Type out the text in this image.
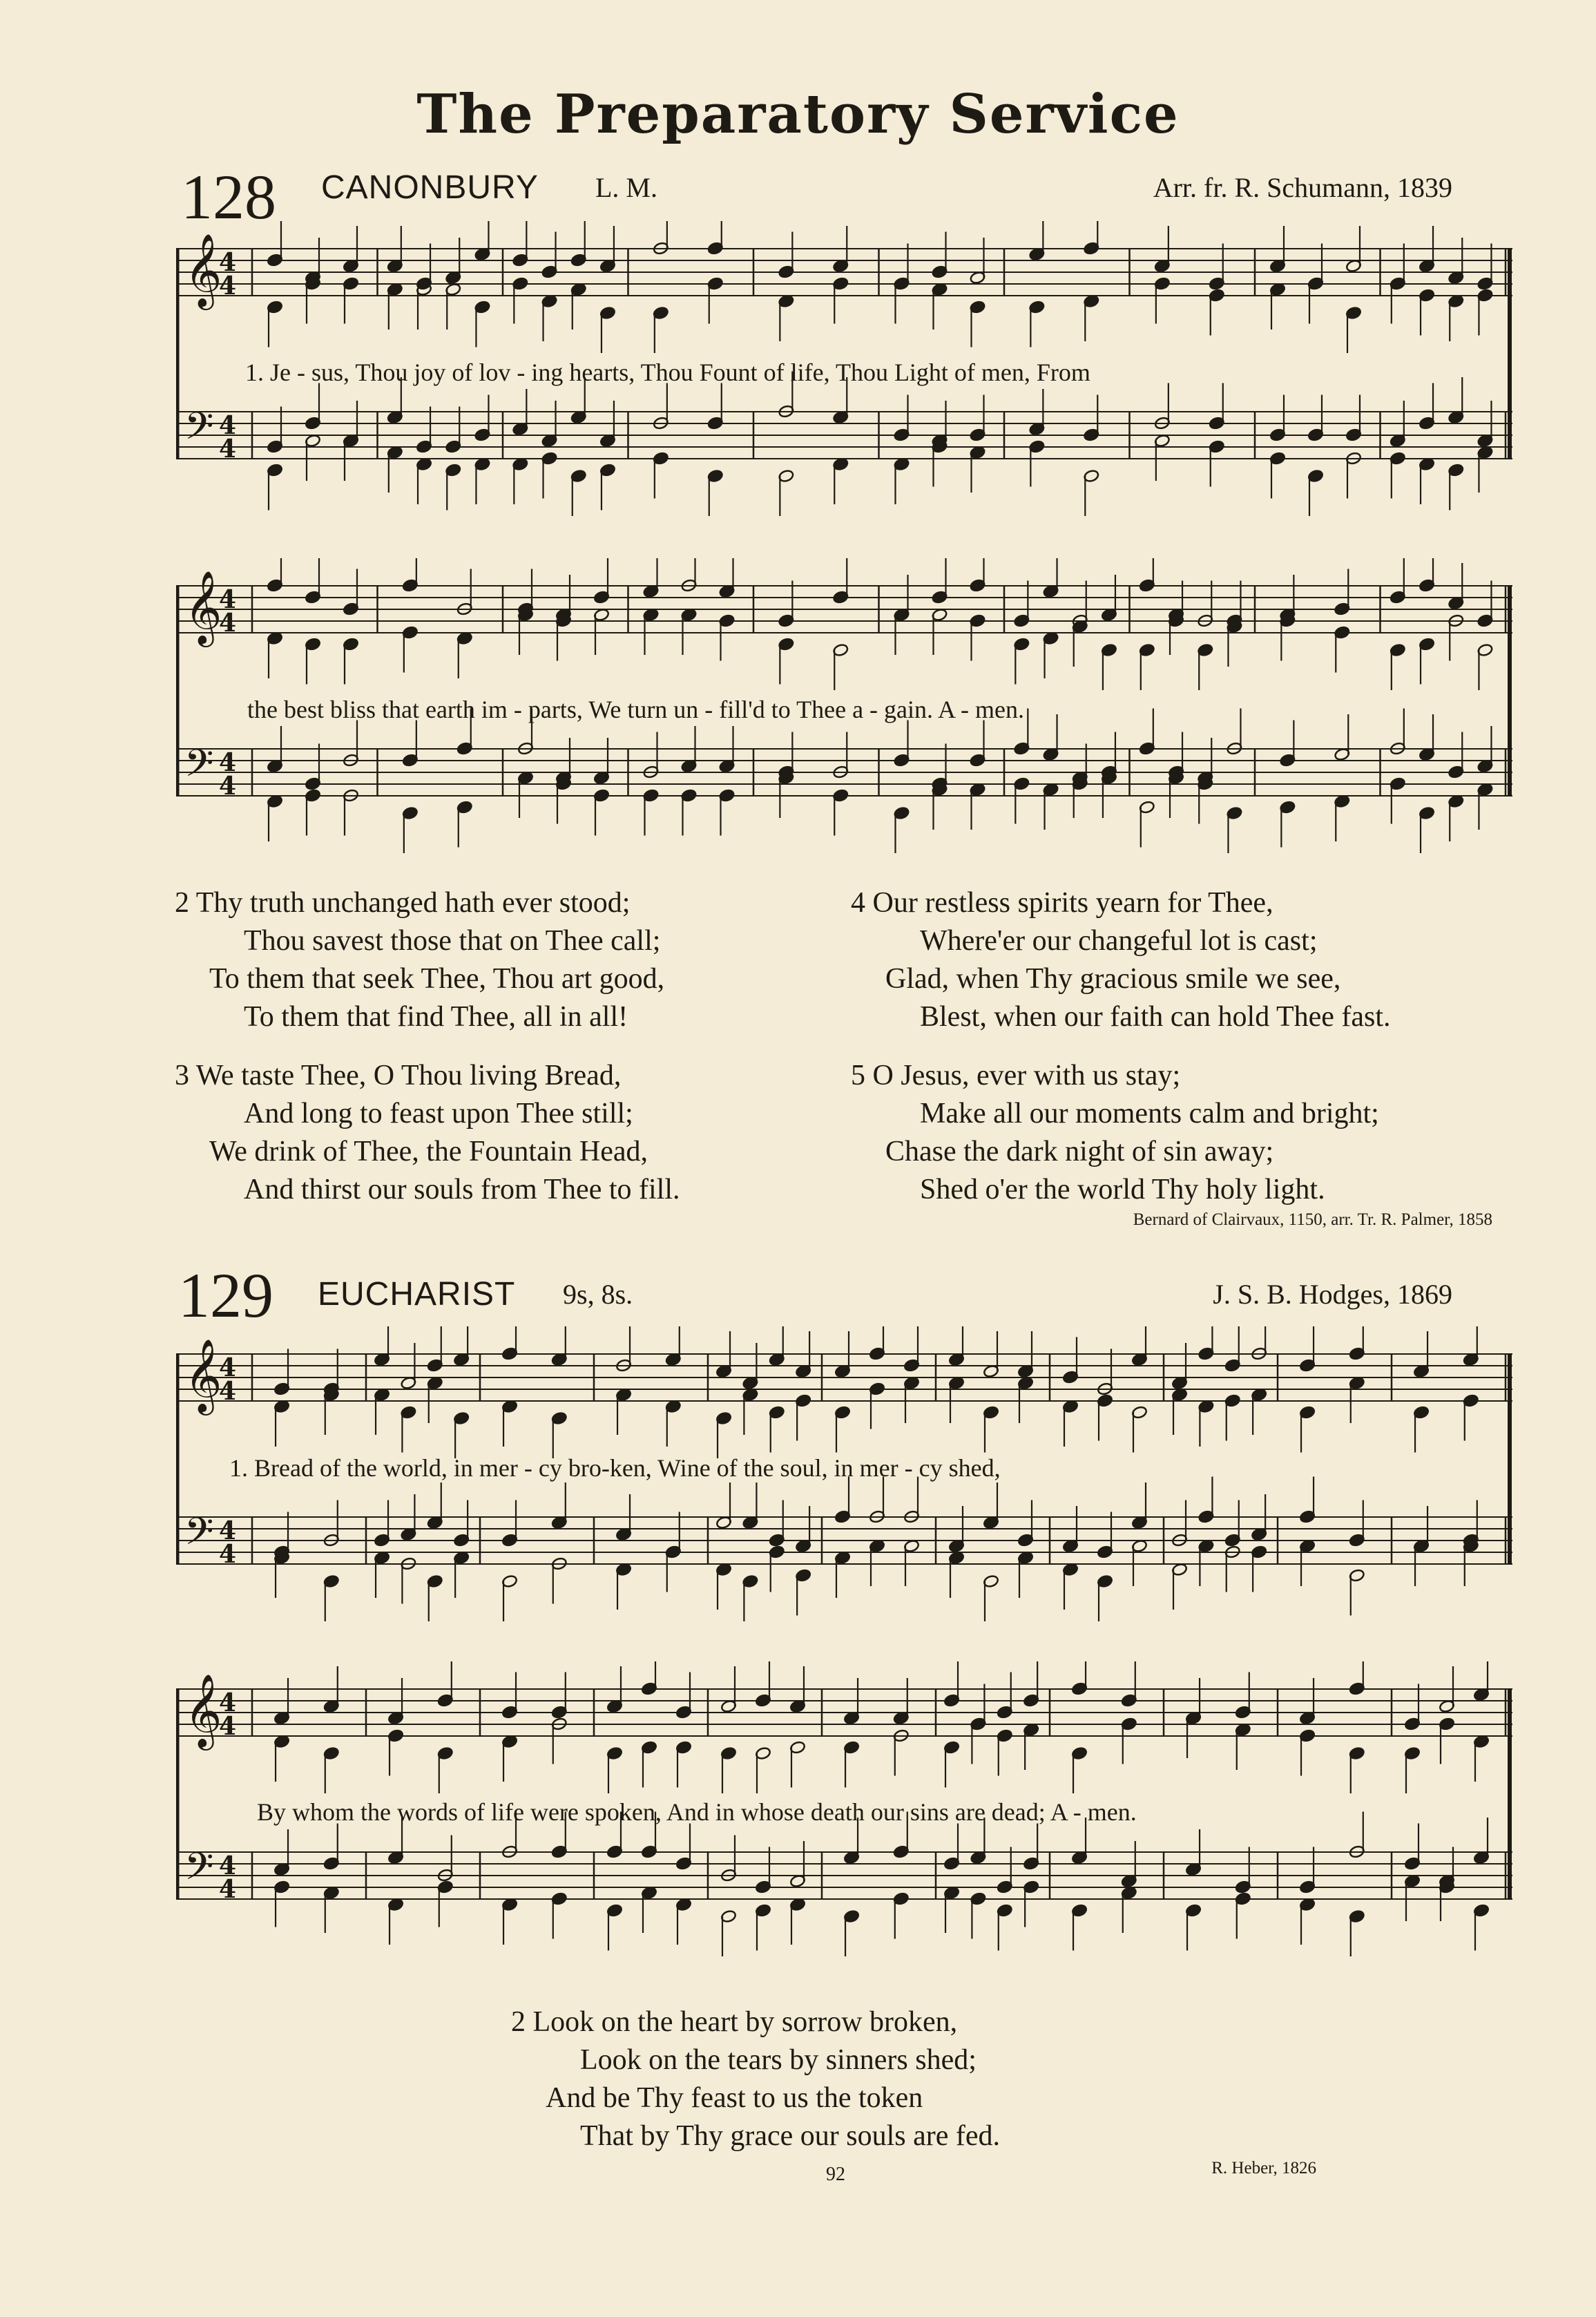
The Preparatory Service
128 CANONBURY L. M.	Arr. fr. R. Schumann, 1839
𝄞
4
4
𝄢 4
4
1. Je - sus, Thou joy of lov - ing hearts, Thou Fount of life, Thou Light of men, From
𝄞
4
4
𝄢 4
4
the best bliss that earth im - parts, We turn un - fill'd to Thee a - gain. A - men.
2 Thy truth unchanged hath ever stood;
Thou savest those that on Thee call;
To them that seek Thee, Thou art good,
To them that find Thee, all in all!
3 We taste Thee, O Thou living Bread,
And long to feast upon Thee still;
We drink of Thee, the Fountain Head,
And thirst our souls from Thee to fill.
4 Our restless spirits yearn for Thee,
Where'er our changeful lot is cast;
Glad, when Thy gracious smile we see,
Blest, when our faith can hold Thee fast.
5 O Jesus, ever with us stay;
Make all our moments calm and bright;
Chase the dark night of sin away;
Shed o'er the world Thy holy light.
Bernard of Clairvaux, 1150, arr. Tr. R. Palmer, 1858
129 EUCHARIST 9s, 8s.	J. S. B. Hodges, 1869
𝄞
4
4
𝄢 4
4
1. Bread of the world, in mer - cy bro-ken, Wine of the soul, in mer - cy shed,
𝄞
4
4
𝄢 4
4
By whom the words of life were spoken, And in whose death our sins are dead; A - men.
2 Look on the heart by sorrow broken,
Look on the tears by sinners shed;
And be Thy feast to us the token
That by Thy grace our souls are fed.
R. Heber, 1826
92
